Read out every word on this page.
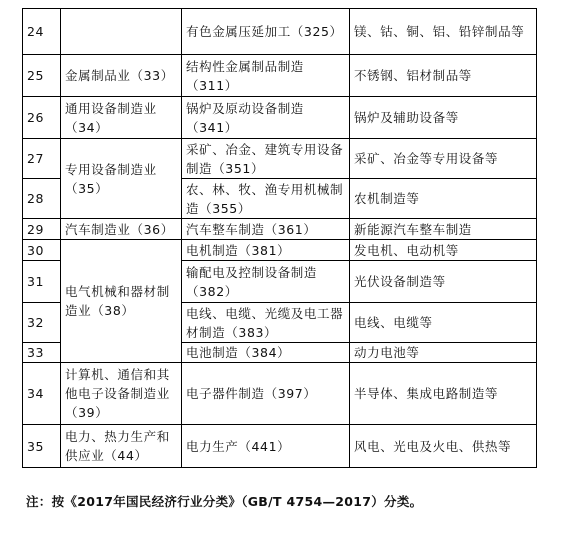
24		有色金属压延加工（325）	镁、钴、铜、铝、铅锌制品等
25	金属制品业（33）	结构性金属制品制造（311）	不锈钢、铝材制品等
26	通用设备制造业（34）	锅炉及原动设备制造（341）	锅炉及辅助设备等
27	专用设备制造业（35）	采矿、冶金、建筑专用设备制造（351）	采矿、冶金等专用设备等
28		农、林、牧、渔专用机械制造（355）	农机制造等
29	汽车制造业（36）	汽车整车制造（361）	新能源汽车整车制造
30	电气机械和器材制造业（38）	电机制造（381）	发电机、电动机等
31		输配电及控制设备制造（382）	光伏设备制造等
32		电线、电缆、光缆及电工器材制造（383）	电线、电缆等
33		电池制造（384）	动力电池等
34	计算机、通信和其他电子设备制造业（39）	电子器件制造（397）	半导体、集成电路制造等
35	电力、热力生产和供应业（44）	电力生产（441）	风电、光电及火电、供热等
注：按《2017年国民经济行业分类》（GB/T 4754—2017）分类。
